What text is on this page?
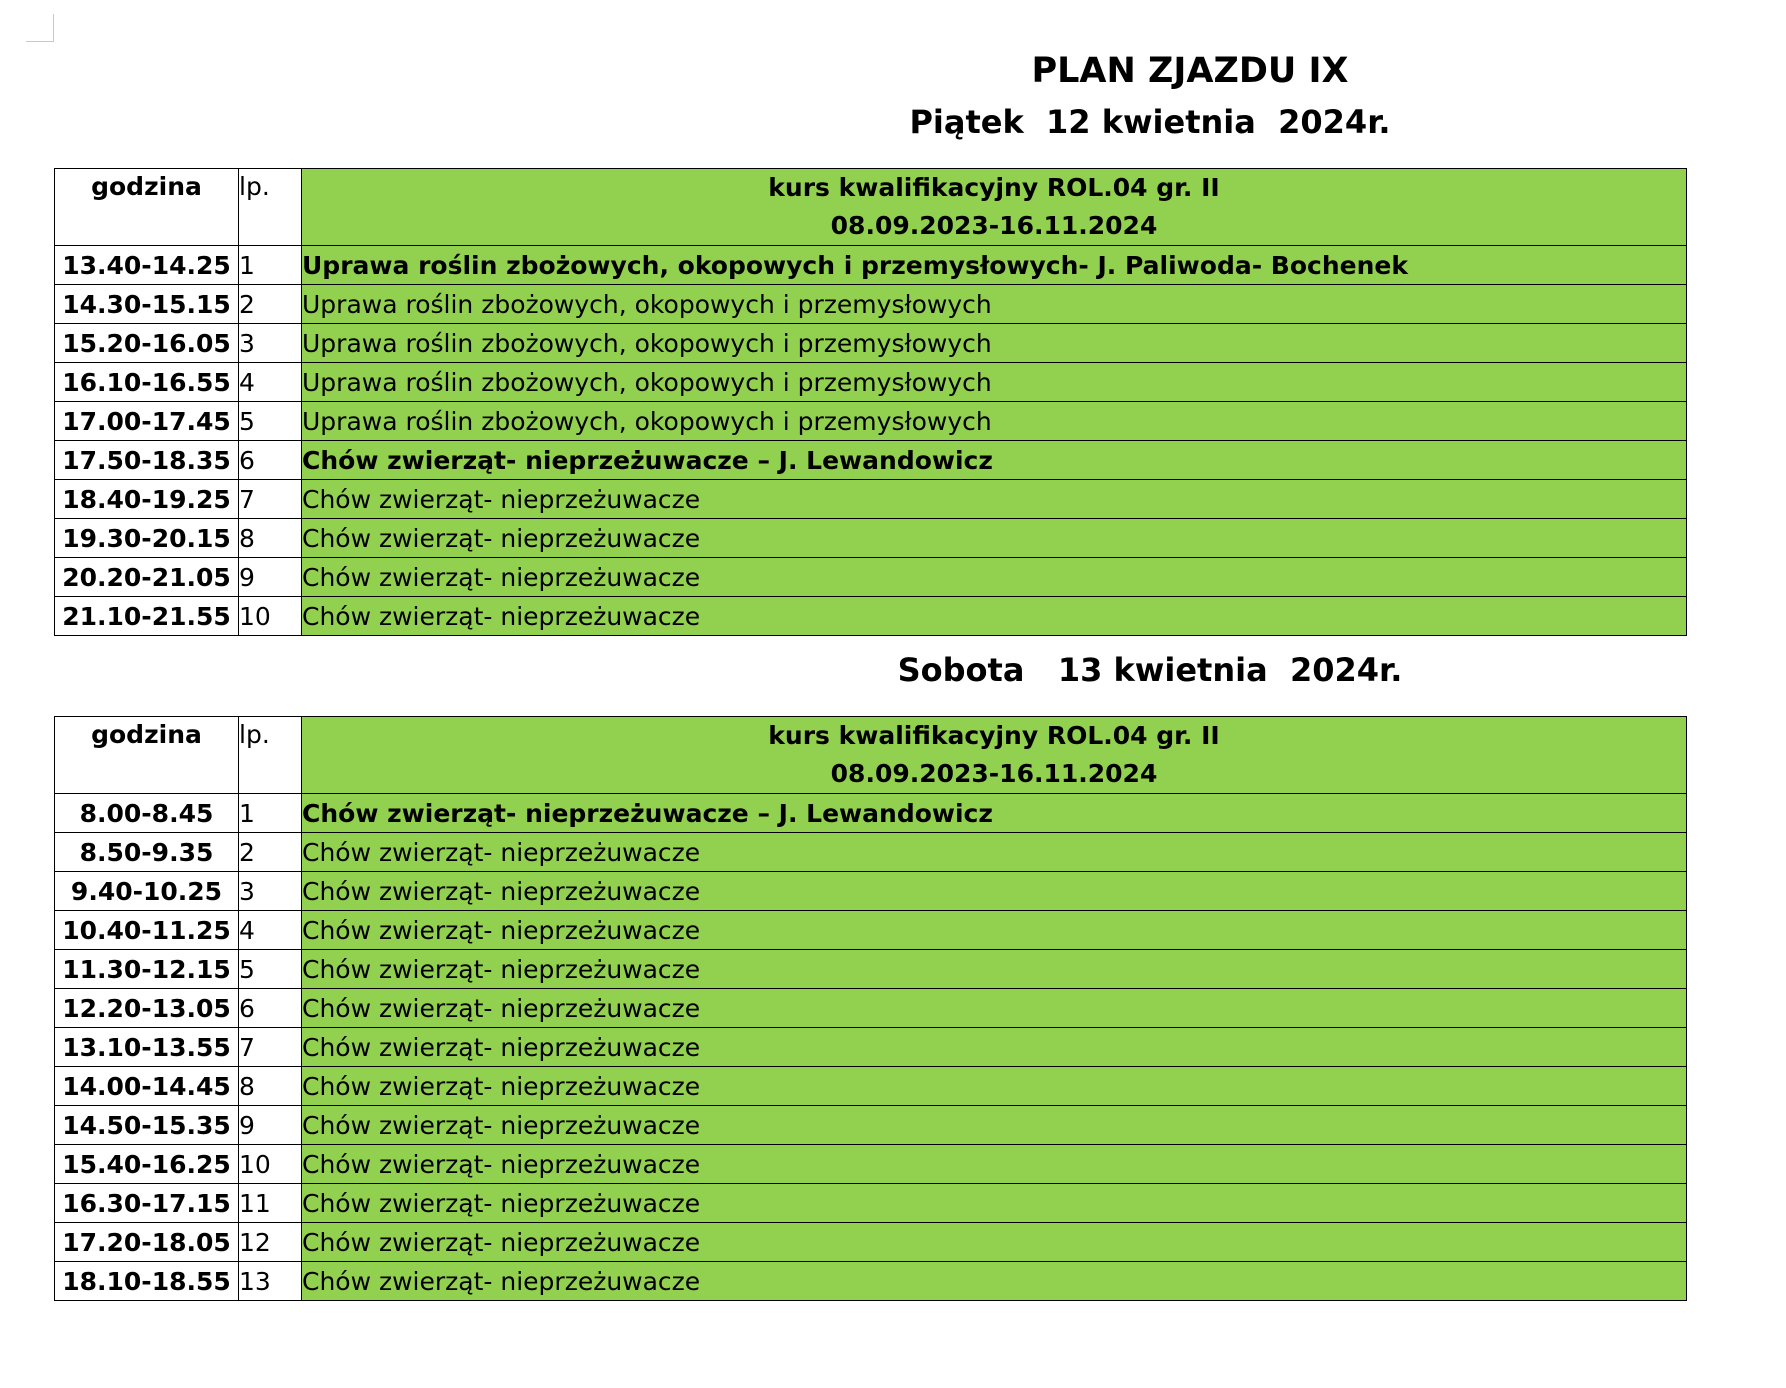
PLAN ZJAZDU IX
Piątek  12 kwietnia  2024r.
godzina	lp.	kurs kwalifikacyjny ROL.04 gr. II
08.09.2023-16.11.2024

13.40-14.25	1	Uprawa roślin zbożowych, okopowych i przemysłowych- J. Paliwoda- Bochenek
14.30-15.15	2	Uprawa roślin zbożowych, okopowych i przemysłowych
15.20-16.05	3	Uprawa roślin zbożowych, okopowych i przemysłowych
16.10-16.55	4	Uprawa roślin zbożowych, okopowych i przemysłowych
17.00-17.45	5	Uprawa roślin zbożowych, okopowych i przemysłowych
17.50-18.35	6	Chów zwierząt- nieprzeżuwacze – J. Lewandowicz
18.40-19.25	7	Chów zwierząt- nieprzeżuwacze
19.30-20.15	8	Chów zwierząt- nieprzeżuwacze
20.20-21.05	9	Chów zwierząt- nieprzeżuwacze
21.10-21.55	10	Chów zwierząt- nieprzeżuwacze
Sobota   13 kwietnia  2024r.
godzina	lp.	kurs kwalifikacyjny ROL.04 gr. II
08.09.2023-16.11.2024

8.00-8.45	1	Chów zwierząt- nieprzeżuwacze – J. Lewandowicz
8.50-9.35	2	Chów zwierząt- nieprzeżuwacze
9.40-10.25	3	Chów zwierząt- nieprzeżuwacze
10.40-11.25	4	Chów zwierząt- nieprzeżuwacze
11.30-12.15	5	Chów zwierząt- nieprzeżuwacze
12.20-13.05	6	Chów zwierząt- nieprzeżuwacze
13.10-13.55	7	Chów zwierząt- nieprzeżuwacze
14.00-14.45	8	Chów zwierząt- nieprzeżuwacze
14.50-15.35	9	Chów zwierząt- nieprzeżuwacze
15.40-16.25	10	Chów zwierząt- nieprzeżuwacze
16.30-17.15	11	Chów zwierząt- nieprzeżuwacze
17.20-18.05	12	Chów zwierząt- nieprzeżuwacze
18.10-18.55	13	Chów zwierząt- nieprzeżuwacze
